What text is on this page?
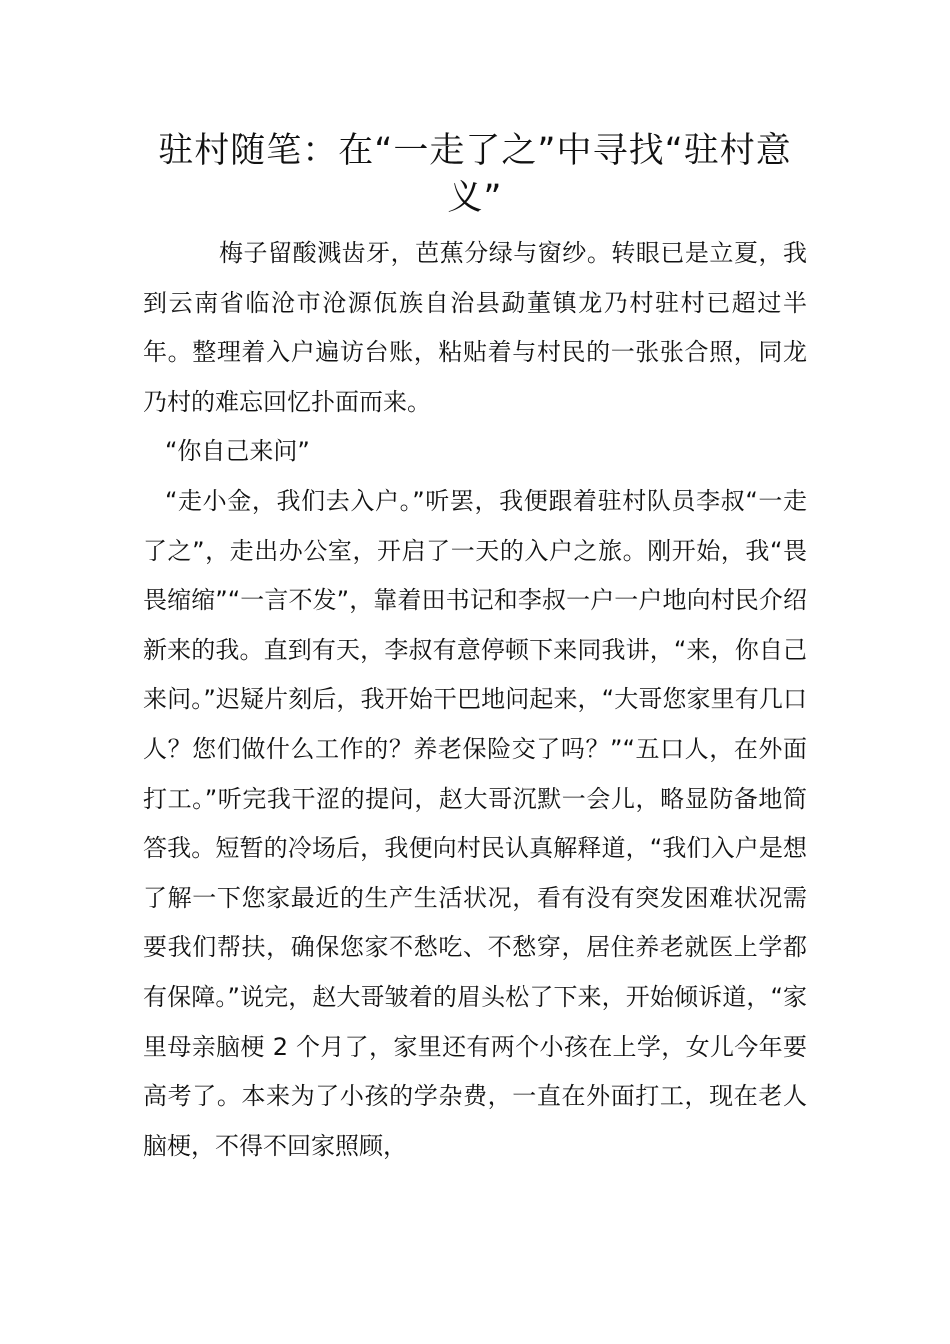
驻村随笔：在“一走了之”中寻找“驻村意义”

梅子留酸溅齿牙，芭蕉分绿与窗纱。转眼已是立夏，我到云南省临沧市沧源佤族自治县勐董镇龙乃村驻村已超过半年。整理着入户遍访台账，粘贴着与村民的一张张合照，同龙乃村的难忘回忆扑面而来。

“你自己来问”

“走小金，我们去入户。”听罢，我便跟着驻村队员李叔“一走了之”，走出办公室，开启了一天的入户之旅。刚开始，我“畏畏缩缩”“一言不发”，靠着田书记和李叔一户一户地向村民介绍新来的我。直到有天，李叔有意停顿下来同我讲，“来，你自己来问。”迟疑片刻后，我开始干巴地问起来，“大哥您家里有几口人？您们做什么工作的？养老保险交了吗？”“五口人，在外面打工。”听完我干涩的提问，赵大哥沉默一会儿，略显防备地简答我。短暂的冷场后，我便向村民认真解释道，“我们入户是想了解一下您家最近的生产生活状况，看有没有突发困难状况需要我们帮扶，确保您家不愁吃、不愁穿，居住养老就医上学都有保障。”说完，赵大哥皱着的眉头松了下来，开始倾诉道，“家里母亲脑梗 2 个月了，家里还有两个小孩在上学，女儿今年要高考了。本来为了小孩的学杂费，一直在外面打工，现在老人脑梗，不得不回家照顾，
